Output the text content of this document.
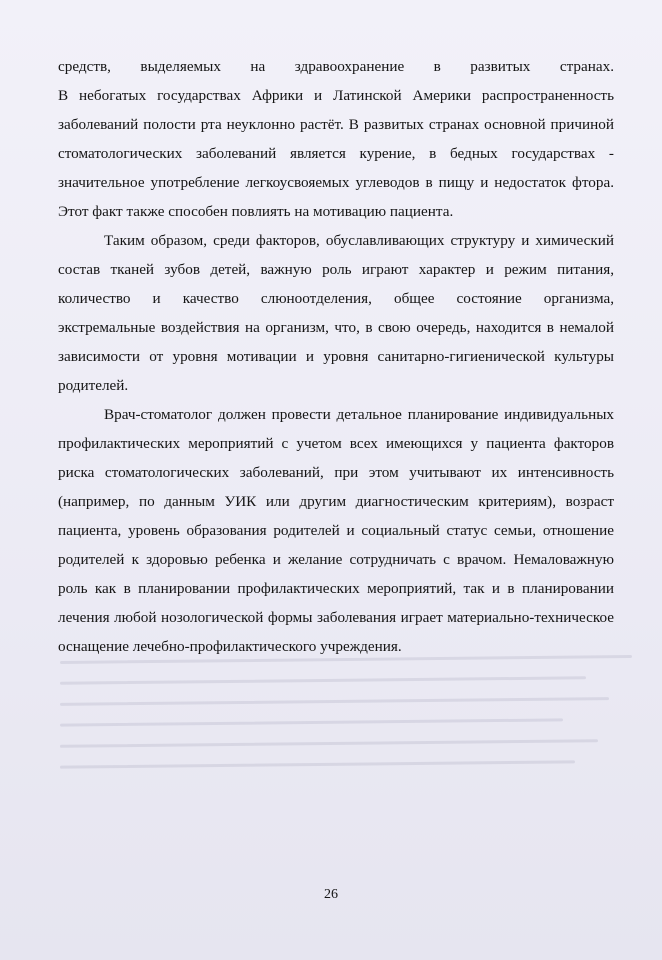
средств, выделяемых на здравоохранение в развитых странах.
В небогатых государствах Африки и Латинской Америки распространенность
заболеваний полости рта неуклонно растёт. В развитых странах основной причиной
стоматологических заболеваний является курение, в бедных государствах -
значительное употребление легкоусвояемых углеводов в пищу и недостаток фтора.
Этот факт также способен повлиять на мотивацию пациента.
Таким образом, среди факторов, обуславливающих структуру и химический
состав тканей зубов детей, важную роль играют характер и режим питания,
количество и качество слюноотделения, общее состояние организма,
экстремальные воздействия на организм, что, в свою очередь, находится в немалой
зависимости от уровня мотивации и уровня санитарно-гигиенической культуры
родителей.
Врач-стоматолог должен провести детальное планирование индивидуальных
профилактических мероприятий с учетом всех имеющихся у пациента факторов
риска стоматологических заболеваний, при этом учитывают их интенсивность
(например, по данным УИК или другим диагностическим критериям), возраст
пациента, уровень образования родителей и социальный статус семьи, отношение
родителей к здоровью ребенка и желание сотрудничать с врачом. Немаловажную
роль как в планировании профилактических мероприятий, так и в планировании
лечения любой нозологической формы заболевания играет материально-техническое
оснащение лечебно-профилактического учреждения.
26
